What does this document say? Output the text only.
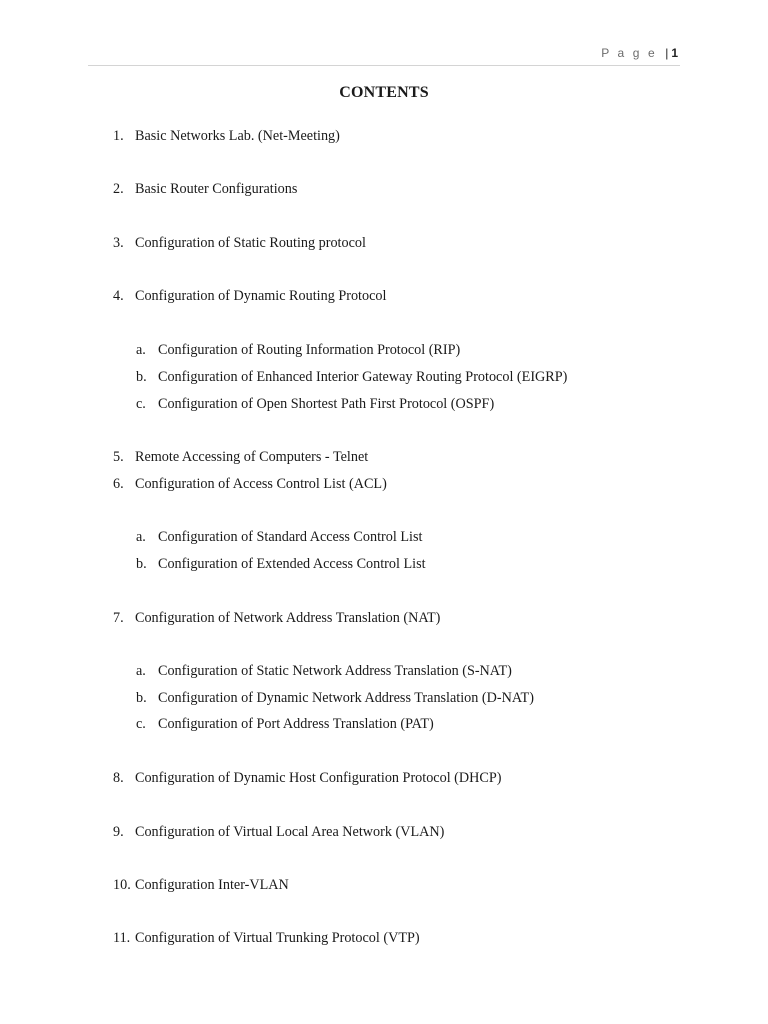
P a g e | 1
CONTENTS
1. Basic Networks Lab. (Net-Meeting)
2. Basic Router Configurations
3. Configuration of Static Routing protocol
4. Configuration of Dynamic Routing Protocol
a. Configuration of Routing Information Protocol (RIP)
b. Configuration of Enhanced Interior Gateway Routing Protocol (EIGRP)
c. Configuration of Open Shortest Path First Protocol (OSPF)
5. Remote Accessing of Computers - Telnet
6. Configuration of Access Control List (ACL)
a. Configuration of Standard Access Control List
b. Configuration of Extended Access Control List
7. Configuration of Network Address Translation (NAT)
a. Configuration of Static Network Address Translation (S-NAT)
b. Configuration of Dynamic Network Address Translation (D-NAT)
c. Configuration of Port Address Translation (PAT)
8. Configuration of Dynamic Host Configuration Protocol (DHCP)
9. Configuration of Virtual Local Area Network (VLAN)
10. Configuration Inter-VLAN
11. Configuration of Virtual Trunking Protocol (VTP)
